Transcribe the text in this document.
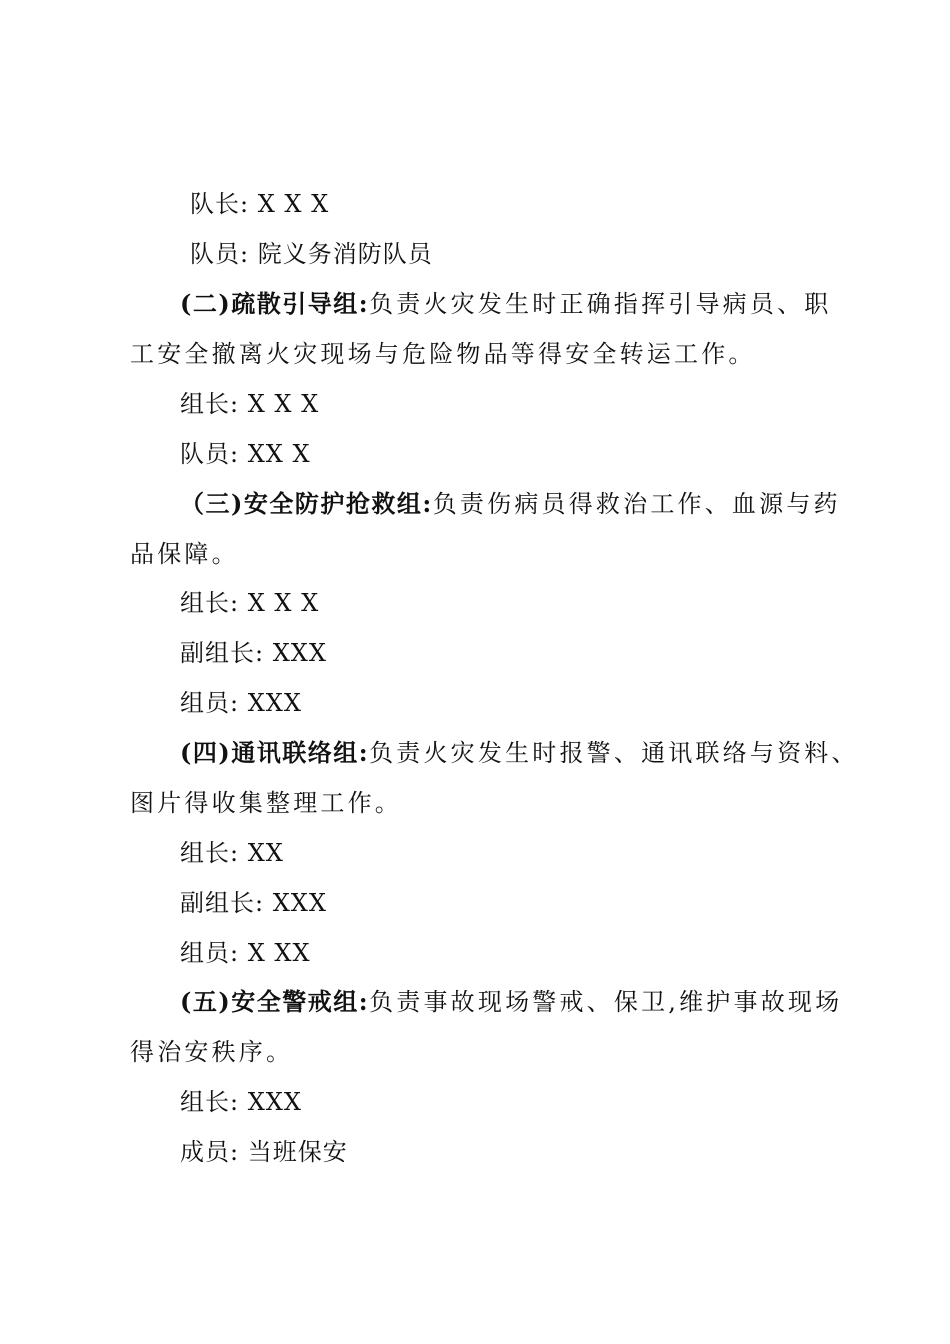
队长: X X X
队员: 院义务消防队员
(二)疏散引导组:负责火灾发生时正确指挥引导病员、职
工安全撤离火灾现场与危险物品等得安全转运工作。
组长: X X X
队员: XX X
（三)安全防护抢救组:负责伤病员得救治工作、血源与药
品保障。
组长: X X X
副组长: XXX
组员: XXX
(四)通讯联络组:负责火灾发生时报警、通讯联络与资料、
图片得收集整理工作。
组长: XX
副组长: XXX
组员: X XX
(五)安全警戒组:负责事故现场警戒、保卫,维护事故现场
得治安秩序。
组长: XXX
成员: 当班保安
